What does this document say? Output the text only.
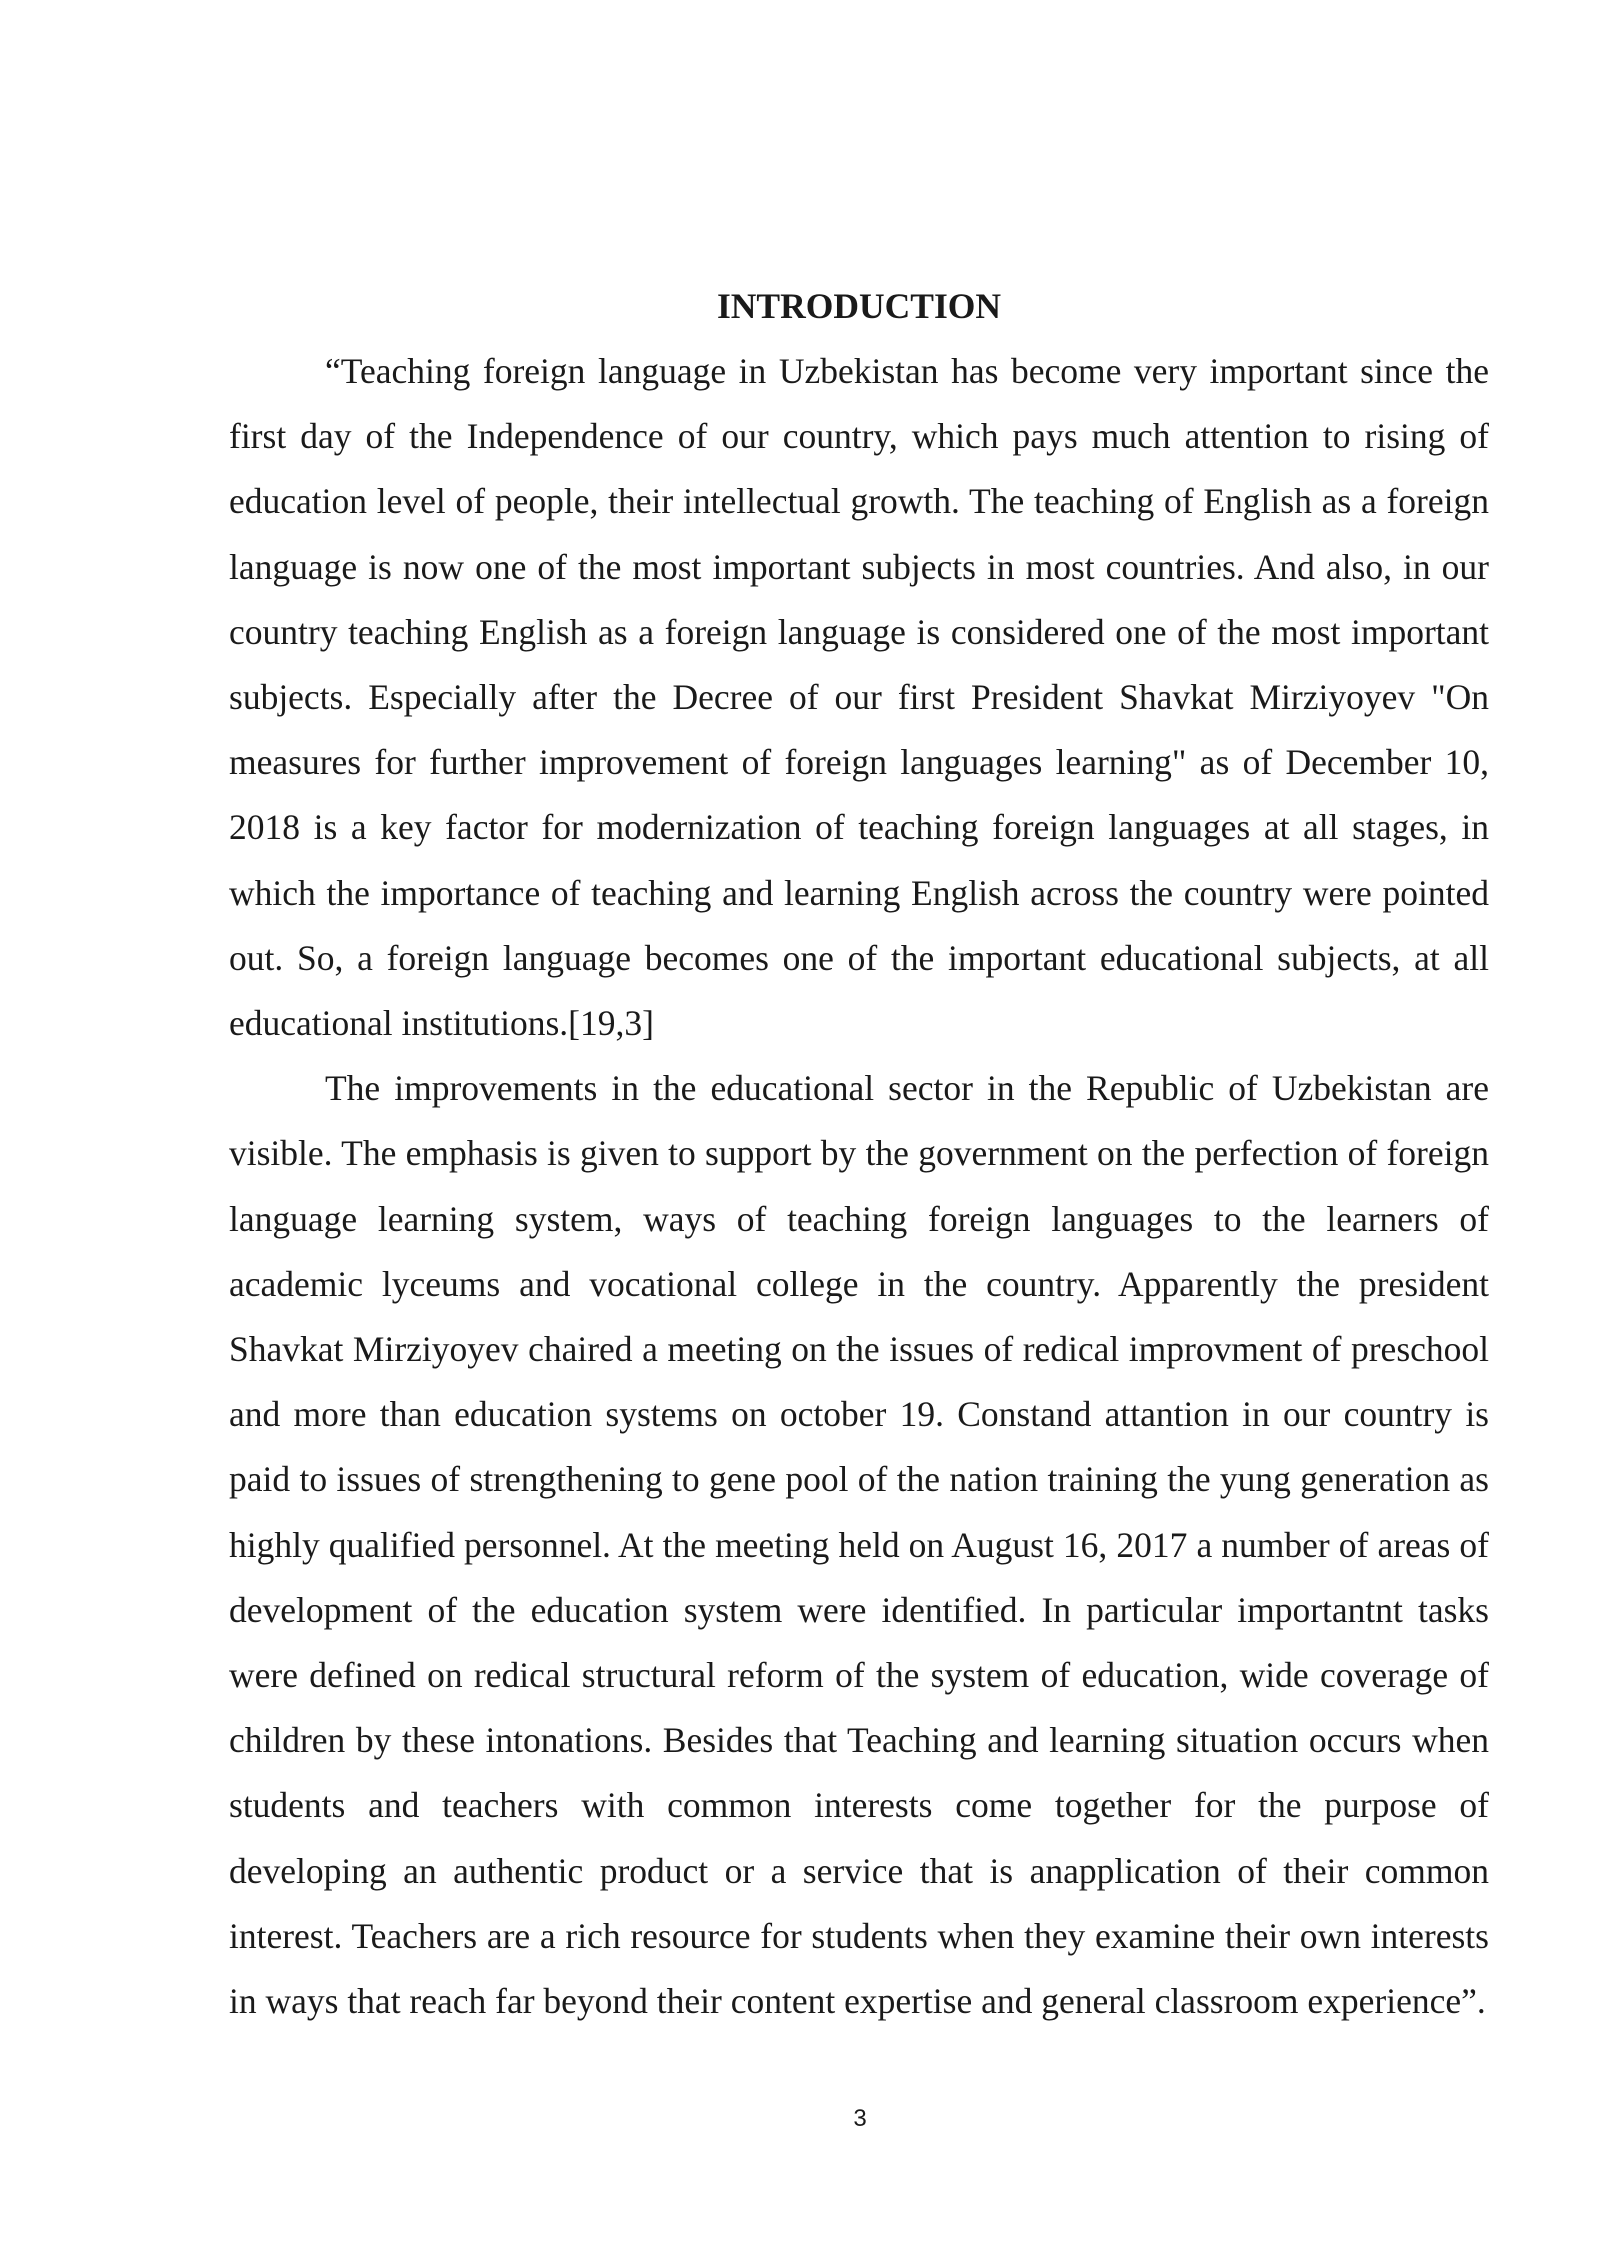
INTRODUCTION

“Teaching foreign language in Uzbekistan has become very important since the first day of the Independence of our country, which pays much attention to rising of education level of people, their intellectual growth. The teaching of English as a foreign language is now one of the most important subjects in most countries. And also, in our country teaching English as a foreign language is considered one of the most important subjects. Especially after the Decree of our first President Shavkat Mirziyoyev "On measures for further improvement of foreign languages learning" as of December 10, 2018 is a key factor for modernization of teaching foreign languages at all stages, in which the importance of teaching and learning English across the country were pointed out. So, a foreign language becomes one of the important educational subjects, at all educational institutions.[19,3]

The improvements in the educational sector in the Republic of Uzbekistan are visible. The emphasis is given to support by the government on the perfection of foreign language learning system, ways of teaching foreign languages to the learners of academic lyceums and vocational college in the country. Apparently the president Shavkat Mirziyoyev chaired a meeting on the issues of redical improvment of preschool and more than education systems on october 19. Constand attantion in our country is paid to issues of strengthening to gene pool of the nation training the yung generation as highly qualified personnel. At the meeting held on August 16, 2017 a number of areas of development of the education system were identified. In particular importantnt tasks were defined on redical structural reform of the system of education, wide coverage of children by these intonations. Besides that Teaching and learning situation occurs when students and teachers with common interests come together for the purpose of developing an authentic product or a service that is anapplication of their common interest. Teachers are a rich resource for students when they examine their own interests in ways that reach far beyond their content expertise and general classroom experience”.

3
